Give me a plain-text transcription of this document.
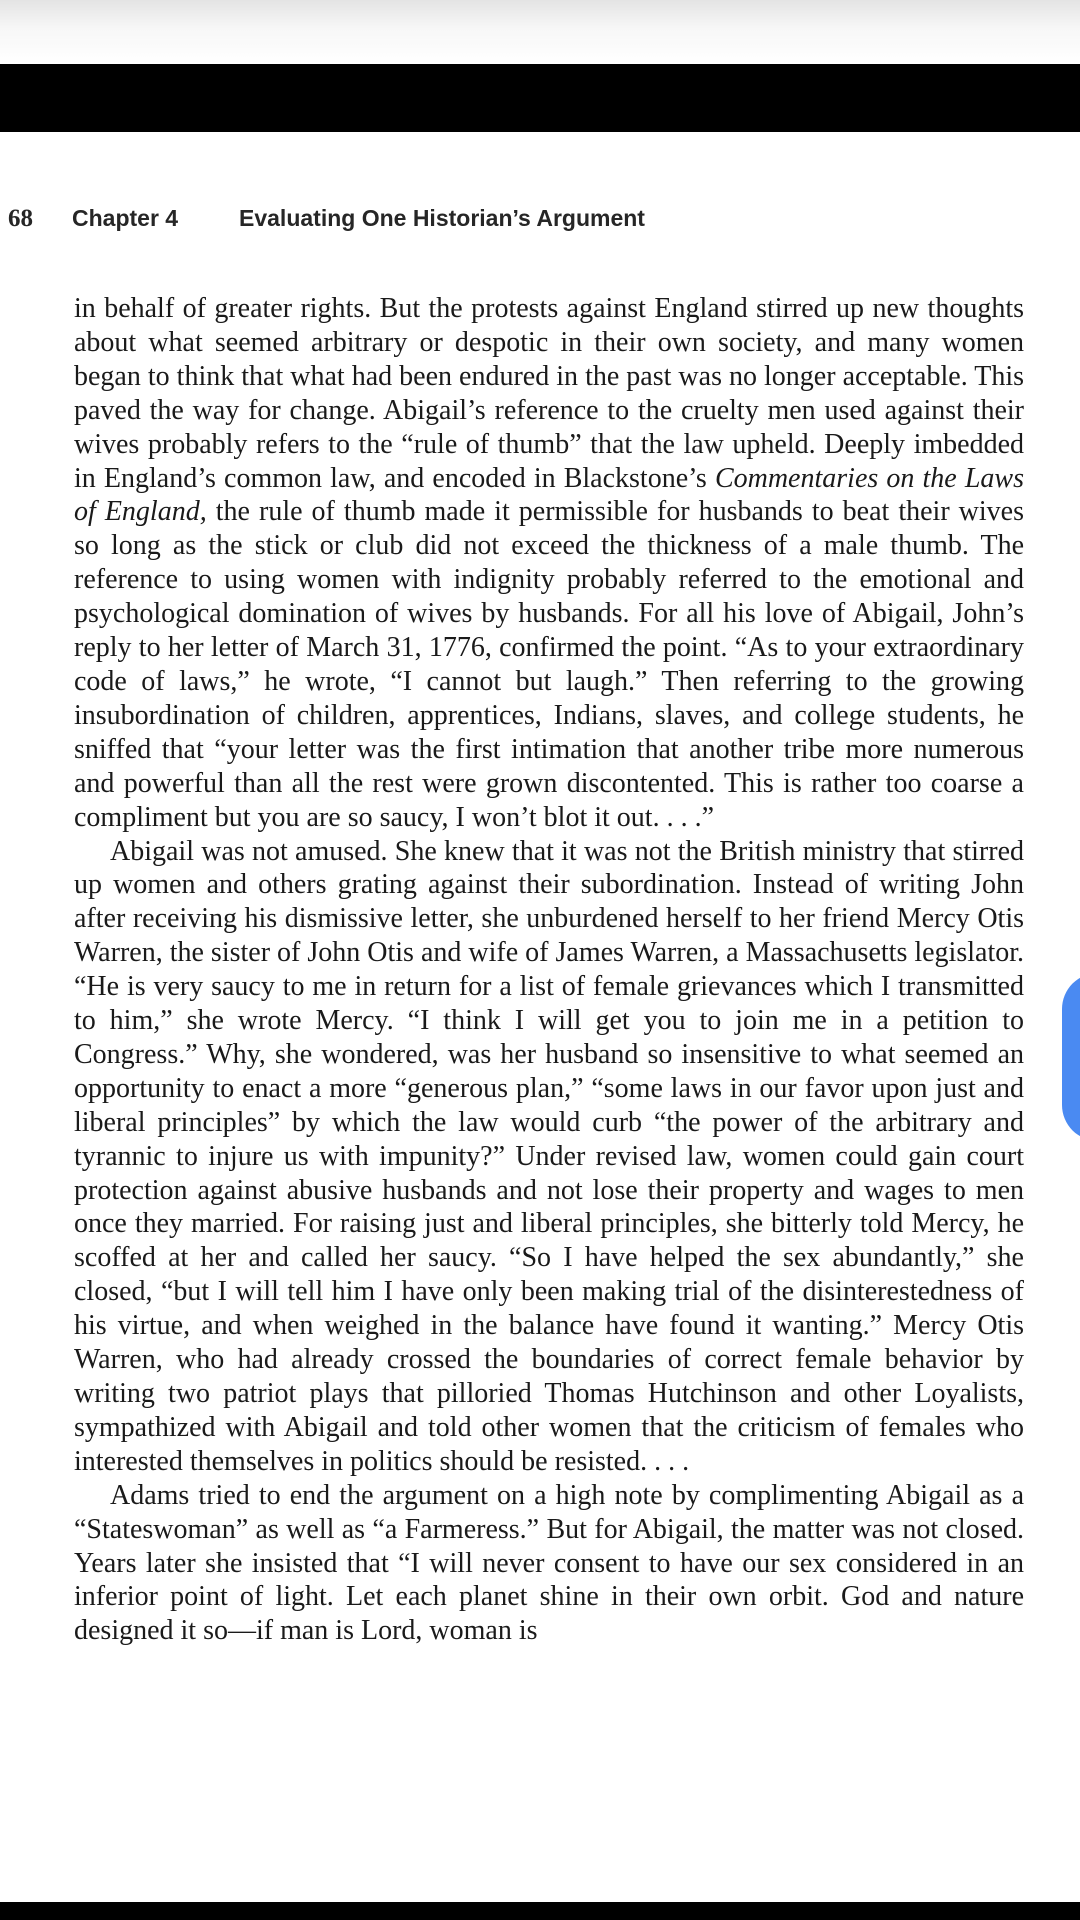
68 Chapter 4	Evaluating One Historian’s Argument

in behalf of greater rights. But the protests against England stirred up new thoughts about what seemed arbitrary or despotic in their own society, and many women began to think that what had been endured in the past was no longer acceptable. This paved the way for change. Abigail’s reference to the cruelty men used against their wives probably refers to the “rule of thumb” that the law upheld. Deeply imbedded in England’s common law, and encoded in Blackstone’s Commentaries on the Laws of England, the rule of thumb made it permissible for husbands to beat their wives so long as the stick or club did not exceed the thickness of a male thumb. The reference to using women with indignity probably referred to the emotional and psychological domination of wives by husbands. For all his love of Abigail, John’s reply to her letter of March 31, 1776, confirmed the point. “As to your extraordinary code of laws,” he wrote, “I cannot but laugh.” Then referring to the growing insubordination of children, apprentices, Indians, slaves, and college students, he sniffed that “your letter was the first intimation that another tribe more numerous and powerful than all the rest were grown discontented. This is rather too coarse a compliment but you are so saucy, I won’t blot it out. . . .”

Abigail was not amused. She knew that it was not the British ministry that stirred up women and others grating against their subordination. Instead of writing John after receiving his dismissive letter, she unburdened herself to her friend Mercy Otis Warren, the sister of John Otis and wife of James Warren, a Massachusetts legislator. “He is very saucy to me in return for a list of female grievances which I transmitted to him,” she wrote Mercy. “I think I will get you to join me in a petition to Congress.” Why, she wondered, was her husband so insensitive to what seemed an opportunity to enact a more “generous plan,” “some laws in our favor upon just and liberal principles” by which the law would curb “the power of the arbitrary and tyrannic to injure us with impunity?” Under revised law, women could gain court protection against abusive husbands and not lose their property and wages to men once they married. For raising just and liberal principles, she bitterly told Mercy, he scoffed at her and called her saucy. “So I have helped the sex abundantly,” she closed, “but I will tell him I have only been making trial of the disinterestedness of his virtue, and when weighed in the balance have found it wanting.” Mercy Otis Warren, who had already crossed the boundaries of correct female behavior by writing two patriot plays that pilloried Thomas Hutchinson and other Loyalists, sympathized with Abigail and told other women that the criticism of females who interested themselves in politics should be resisted. . . .

Adams tried to end the argument on a high note by complimenting Abigail as a “Stateswoman” as well as “a Farmeress.” But for Abigail, the matter was not closed. Years later she insisted that “I will never consent to have our sex considered in an inferior point of light. Let each planet shine in their own orbit. God and nature designed it so—if man is Lord, woman is
